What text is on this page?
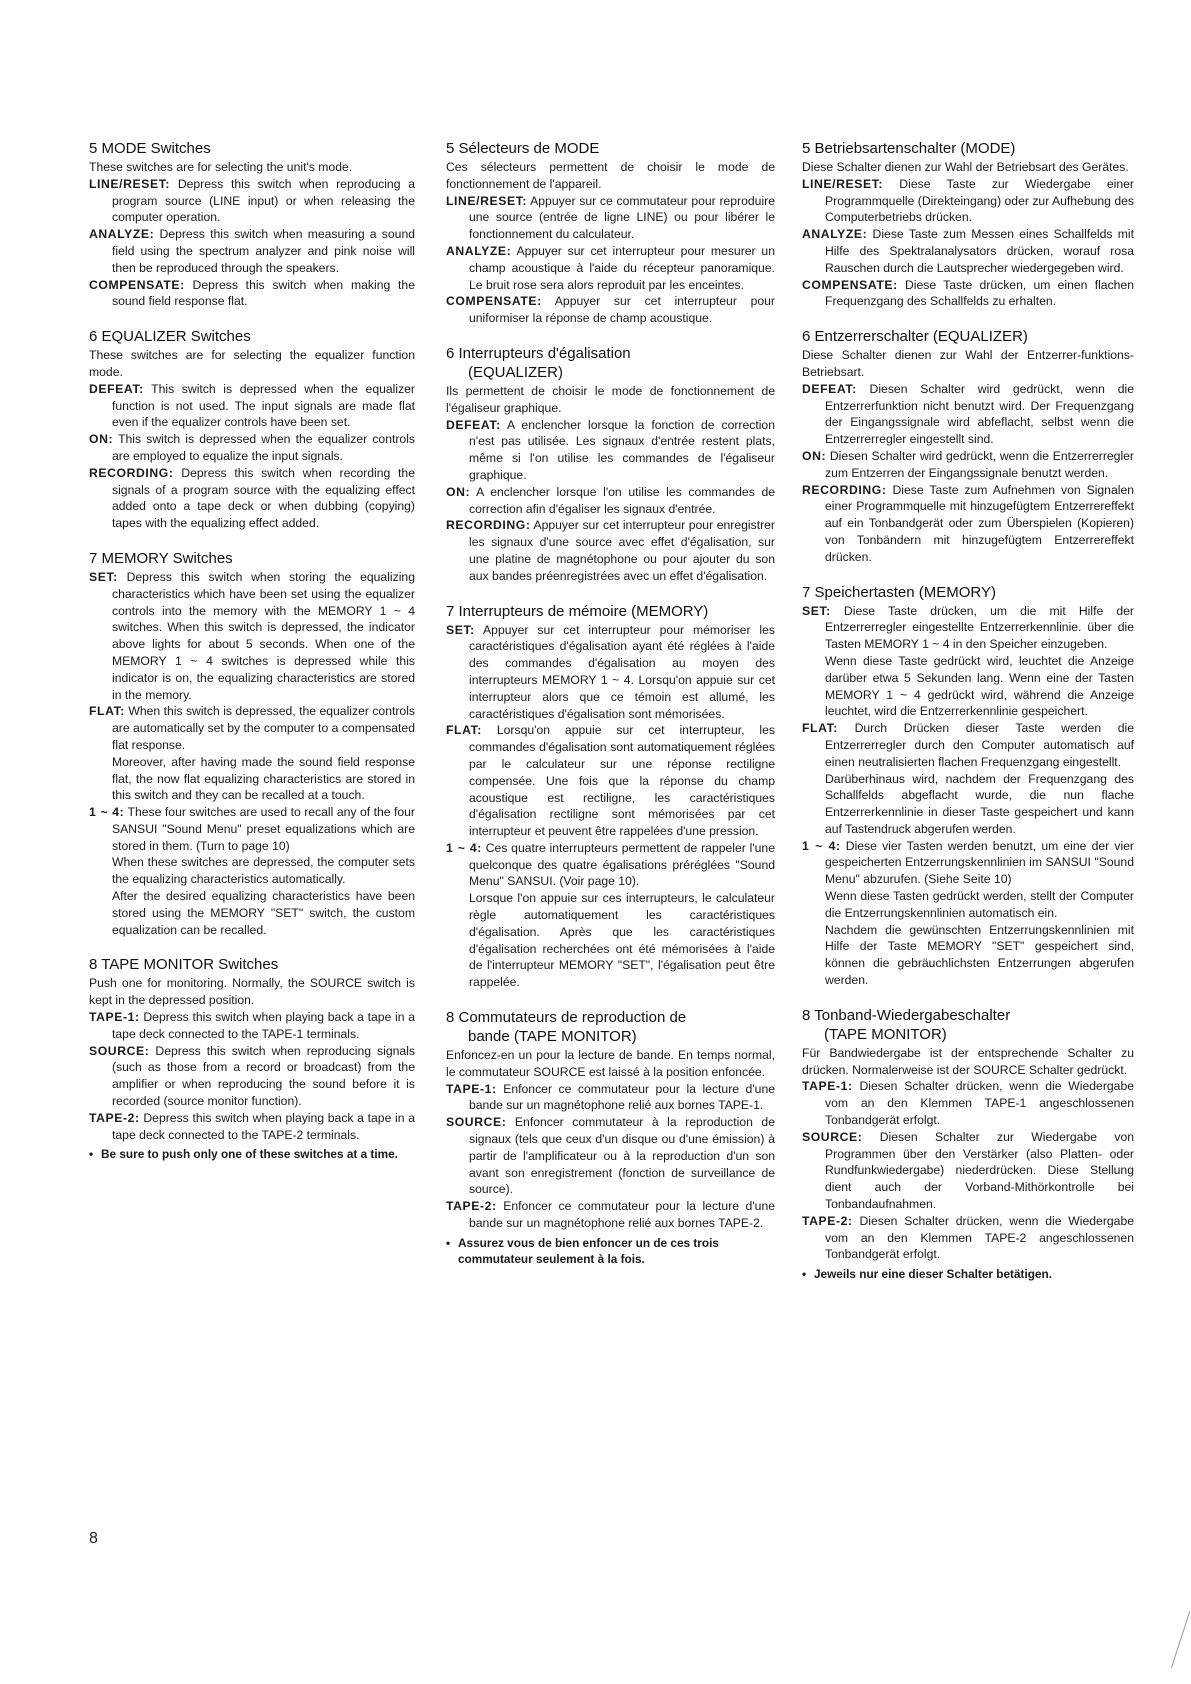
5 MODE Switches

These switches are for selecting the unit's mode.

LINE/RESET: Depress this switch when reproducing a program source (LINE input) or when releasing the computer operation.

ANALYZE: Depress this switch when measuring a sound field using the spectrum analyzer and pink noise will then be reproduced through the speakers.

COMPENSATE: Depress this switch when making the sound field response flat.

6 EQUALIZER Switches

These switches are for selecting the equalizer function mode.

DEFEAT: This switch is depressed when the equalizer function is not used. The input signals are made flat even if the equalizer controls have been set.

ON: This switch is depressed when the equalizer controls are employed to equalize the input signals.

RECORDING: Depress this switch when recording the signals of a program source with the equalizing effect added onto a tape deck or when dubbing (copying) tapes with the equalizing effect added.

7 MEMORY Switches

SET: Depress this switch when storing the equalizing characteristics which have been set using the equalizer controls into the memory with the MEMORY 1 ~ 4 switches. When this switch is depressed, the indicator above lights for about 5 seconds. When one of the MEMORY 1 ~ 4 switches is depressed while this indicator is on, the equalizing characteristics are stored in the memory.

FLAT: When this switch is depressed, the equalizer controls are automatically set by the computer to a compensated flat response.

Moreover, after having made the sound field response flat, the now flat equalizing characteristics are stored in this switch and they can be recalled at a touch.

1 ~ 4: These four switches are used to recall any of the four SANSUI "Sound Menu" preset equalizations which are stored in them. (Turn to page 10)

When these switches are depressed, the computer sets the equalizing characteristics automatically.

After the desired equalizing characteristics have been stored using the MEMORY "SET" switch, the custom equalization can be recalled.

8 TAPE MONITOR Switches

Push one for monitoring. Normally, the SOURCE switch is kept in the depressed position.

TAPE-1: Depress this switch when playing back a tape in a tape deck connected to the TAPE-1 terminals.

SOURCE: Depress this switch when reproducing signals (such as those from a record or broadcast) from the amplifier or when reproducing the sound before it is recorded (source monitor function).

TAPE-2: Depress this switch when playing back a tape in a tape deck connected to the TAPE-2 terminals.

• Be sure to push only one of these switches at a time.

5 Sélecteurs de MODE

Ces sélecteurs permettent de choisir le mode de fonctionnement de l'appareil.

LINE/RESET: Appuyer sur ce commutateur pour reproduire une source (entrée de ligne LINE) ou pour libérer le fonctionnement du calculateur.

ANALYZE: Appuyer sur cet interrupteur pour mesurer un champ acoustique à l'aide du récepteur panoramique. Le bruit rose sera alors reproduit par les enceintes.

COMPENSATE: Appuyer sur cet interrupteur pour uniformiser la réponse de champ acoustique.

6 Interrupteurs d'égalisation
(EQUALIZER)

Ils permettent de choisir le mode de fonctionnement de l'égaliseur graphique.

DEFEAT: A enclencher lorsque la fonction de correction n'est pas utilisée. Les signaux d'entrée restent plats, même si l'on utilise les commandes de l'égaliseur graphique.

ON: A enclencher lorsque l'on utilise les commandes de correction afin d'égaliser les signaux d'entrée.

RECORDING: Appuyer sur cet interrupteur pour enregistrer les signaux d'une source avec effet d'égalisation, sur une platine de magnétophone ou pour ajouter du son aux bandes préenregistrées avec un effet d'égalisation.

7 Interrupteurs de mémoire (MEMORY)

SET: Appuyer sur cet interrupteur pour mémoriser les caractéristiques d'égalisation ayant été réglées à l'aide des commandes d'égalisation au moyen des interrupteurs MEMORY 1 ~ 4. Lorsqu'on appuie sur cet interrupteur alors que ce témoin est allumé, les caractéristiques d'égalisation sont mémorisées.

FLAT: Lorsqu'on appuie sur cet interrupteur, les commandes d'égalisation sont automatiquement réglées par le calculateur sur une réponse rectiligne compensée. Une fois que la réponse du champ acoustique est rectiligne, les caractéristiques d'égalisation rectiligne sont mémorisées par cet interrupteur et peuvent être rappelées d'une pression.

1 ~ 4: Ces quatre interrupteurs permettent de rappeler l'une quelconque des quatre égalisations préréglées "Sound Menu" SANSUI. (Voir page 10).

Lorsque l'on appuie sur ces interrupteurs, le calculateur règle automatiquement les caractéristiques d'égalisation. Après que les caractéristiques d'égalisation recherchées ont été mémorisées à l'aide de l'interrupteur MEMORY "SET", l'égalisation peut être rappelée.

8 Commutateurs de reproduction de
bande (TAPE MONITOR)

Enfoncez-en un pour la lecture de bande. En temps normal, le commutateur SOURCE est laissé à la position enfoncée.

TAPE-1: Enfoncer ce commutateur pour la lecture d'une bande sur un magnétophone relié aux bornes TAPE-1.

SOURCE: Enfoncer commutateur à la reproduction de signaux (tels que ceux d'un disque ou d'une émission) à partir de l'amplificateur ou à la reproduction d'un son avant son enregistrement (fonction de surveillance de source).

TAPE-2: Enfoncer ce commutateur pour la lecture d'une bande sur un magnétophone relié aux bornes TAPE-2.

• Assurez vous de bien enfoncer un de ces trois commutateur seulement à la fois.

5 Betriebsartenschalter (MODE)

Diese Schalter dienen zur Wahl der Betriebsart des Gerätes.

LINE/RESET: Diese Taste zur Wiedergabe einer Programmquelle (Direkteingang) oder zur Aufhebung des Computerbetriebs drücken.

ANALYZE: Diese Taste zum Messen eines Schallfelds mit Hilfe des Spektralanalysators drücken, worauf rosa Rauschen durch die Lautsprecher wiedergegeben wird.

COMPENSATE: Diese Taste drücken, um einen flachen Frequenzgang des Schallfelds zu erhalten.

6 Entzerrerschalter (EQUALIZER)

Diese Schalter dienen zur Wahl der Entzerrer-funktions-Betriebsart.

DEFEAT: Diesen Schalter wird gedrückt, wenn die Entzerrerfunktion nicht benutzt wird. Der Frequenzgang der Eingangssignale wird abfeflacht, selbst wenn die Entzerrerregler eingestellt sind.

ON: Diesen Schalter wird gedrückt, wenn die Entzerrerregler zum Entzerren der Eingangssignale benutzt werden.

RECORDING: Diese Taste zum Aufnehmen von Signalen einer Programmquelle mit hinzugefügtem Entzerrereffekt auf ein Tonbandgerät oder zum Überspielen (Kopieren) von Tonbändern mit hinzugefügtem Entzerrereffekt drücken.

7 Speichertasten (MEMORY)

SET: Diese Taste drücken, um die mit Hilfe der Entzerrerregler eingestellte Entzerrerkennlinie. über die Tasten MEMORY 1 ~ 4 in den Speicher einzugeben.

Wenn diese Taste gedrückt wird, leuchtet die Anzeige darüber etwa 5 Sekunden lang. Wenn eine der Tasten MEMORY 1 ~ 4 gedrückt wird, während die Anzeige leuchtet, wird die Entzerrerkennlinie gespeichert.

FLAT: Durch Drücken dieser Taste werden die Entzerrerregler durch den Computer automatisch auf einen neutralisierten flachen Frequenzgang eingestellt.

Darüberhinaus wird, nachdem der Frequenzgang des Schallfelds abgeflacht wurde, die nun flache Entzerrerkennlinie in dieser Taste gespeichert und kann auf Tastendruck abgerufen werden.

1 ~ 4: Diese vier Tasten werden benutzt, um eine der vier gespeicherten Entzerrungskennlinien im SANSUI "Sound Menu" abzurufen. (Siehe Seite 10)

Wenn diese Tasten gedrückt werden, stellt der Computer die Entzerrungskennlinien automatisch ein.

Nachdem die gewünschten Entzerrungskennlinien mit Hilfe der Taste MEMORY "SET" gespeichert sind, können die gebräuchlichsten Entzerrungen abgerufen werden.

8 Tonband-Wiedergabeschalter
(TAPE MONITOR)

Für Bandwiedergabe ist der entsprechende Schalter zu drücken. Normalerweise ist der SOURCE Schalter gedrückt.

TAPE-1: Diesen Schalter drücken, wenn die Wiedergabe vom an den Klemmen TAPE-1 angeschlossenen Tonbandgerät erfolgt.

SOURCE: Diesen Schalter zur Wiedergabe von Programmen über den Verstärker (also Platten- oder Rundfunkwiedergabe) niederdrücken. Diese Stellung dient auch der Vorband-Mithörkontrolle bei Tonbandaufnahmen.

TAPE-2: Diesen Schalter drücken, wenn die Wiedergabe vom an den Klemmen TAPE-2 angeschlossenen Tonbandgerät erfolgt.

• Jeweils nur eine dieser Schalter betätigen.

8
